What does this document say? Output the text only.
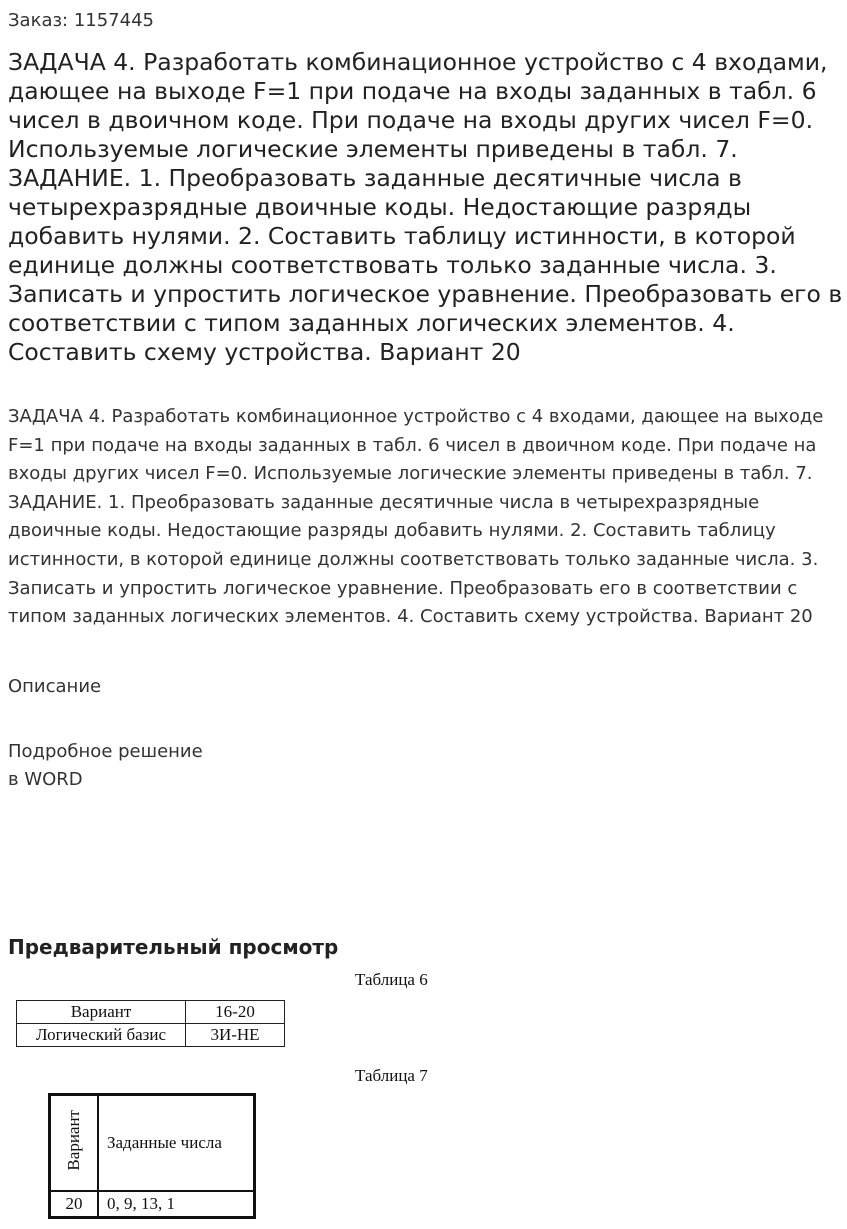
Заказ: 1157445
ЗАДАЧА 4. Разработать комбинационное устройство с 4 входами, дающее на выходе F=1 при подаче на входы заданных в табл. 6 чисел в двоичном коде. При подаче на входы других чисел F=0. Используемые логические элементы приведены в табл. 7. ЗАДАНИЕ. 1. Преобразовать заданные десятичные числа в четырехразрядные двоичные коды. Недостающие разряды добавить нулями. 2. Составить таблицу истинности, в которой единице должны соответствовать только заданные числа. 3. Записать и упростить логическое уравнение. Преобразовать его в соответствии с типом заданных логических элементов. 4. Составить схему устройства. Вариант 20

ЗАДАЧА 4. Разработать комбинационное устройство с 4 входами, дающее на выходе F=1 при подаче на входы заданных в табл. 6 чисел в двоичном коде. При подаче на входы других чисел F=0. Используемые логические элементы приведены в табл. 7. ЗАДАНИЕ. 1. Преобразовать заданные десятичные числа в четырехразрядные двоичные коды. Недостающие разряды добавить нулями. 2. Составить таблицу истинности, в которой единице должны соответствовать только заданные числа. 3. Записать и упростить логическое уравнение. Преобразовать его в соответствии с типом заданных логических элементов. 4. Составить схему устройства. Вариант 20

Описание
Подробное решение
в WORD
Предварительный просмотр
Таблица 6
Вариант	16-20
Логический базис	3И-НЕ
Таблица 7
Вариант	Заданные числа
20	0, 9, 13, 1
